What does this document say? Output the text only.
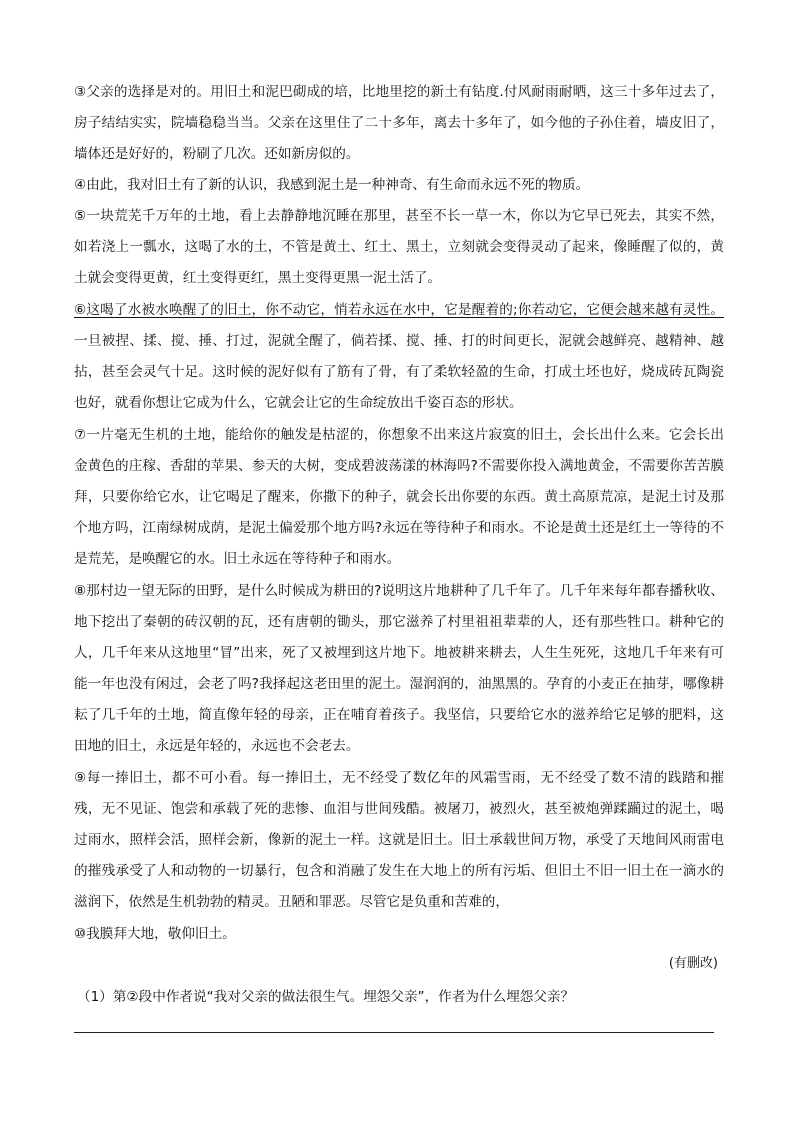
③父亲的选择是对的。用旧土和泥巴砌成的培，比地里挖的新土有钻度.付风耐雨耐晒，这三十多年过去了，房子结结实实，院墙稳稳当当。父亲在这里住了二十多年，离去十多年了，如今他的子孙住着，墙皮旧了，墙体还是好好的，粉刷了几次。还如新房似的。

④由此，我对旧土有了新的认识，我感到泥土是一种神奇、有生命而永远不死的物质。

⑤一块荒芜千万年的土地，看上去静静地沉睡在那里，甚至不长一草一木，你以为它早已死去，其实不然，如若浇上一瓢水，这喝了水的土，不管是黄土、红土、黑土，立刻就会变得灵动了起来，像睡醒了似的，黄土就会变得更黄，红土变得更红，黑土变得更黑一泥土活了。

⑥这喝了水被水唤醒了的旧土，你不动它，悄若永远在水中，它是醒着的;你若动它，它便会越来越有灵性。一旦被捏、揉、搅、捶、打过，泥就全醒了，倘若揉、搅、捶、打的时间更长，泥就会越鲜亮、越精神、越拈，甚至会灵气十足。这时候的泥好似有了筋有了骨，有了柔软轻盈的生命，打成土坯也好，烧成砖瓦陶瓷也好，就看你想让它成为什么，它就会让它的生命绽放出千姿百态的形状。

⑦一片毫无生机的土地，能给你的触发是枯涩的，你想象不出来这片寂寞的旧土，会长出什么来。它会长出金黄色的庄稼、香甜的苹果、参天的大树，变成碧波荡漾的林海吗?不需要你投入满地黄金，不需要你苦苦膜拜，只要你给它水，让它喝足了醒来，你撒下的种子，就会长出你要的东西。黄土高原荒凉，是泥土讨及那个地方吗，江南绿树成荫，是泥土偏爱那个地方吗?永远在等待种子和雨水。不论是黄土还是红土一等待的不是荒芜，是唤醒它的水。旧土永远在等待种子和雨水。

⑧那村边一望无际的田野，是什么时候成为耕田的?说明这片地耕种了几千年了。几千年来每年都春播秋收、地下挖出了秦朝的砖汉朝的瓦，还有唐朝的锄头，那它滋养了村里祖祖辈辈的人，还有那些牲口。耕种它的人，几千年来从这地里“冒”出来，死了又被埋到这片地下。地被耕来耕去，人生生死死，这地几千年来有可能一年也没有闲过，会老了吗?我择起这老田里的泥土。湿润润的，油黑黑的。孕育的小麦正在抽芽，哪像耕耘了几千年的土地，简直像年轻的母亲，正在哺育着孩子。我坚信，只要给它水的滋养给它足够的肥料，这田地的旧土，永远是年轻的，永远也不会老去。

⑨每一捧旧土，都不可小看。每一捧旧土，无不经受了数亿年的风霜雪雨，无不经受了数不清的践踏和摧残，无不见证、饱尝和承载了死的悲惨、血泪与世间残酷。被屠刀，被烈火，甚至被炮弹蹂躏过的泥土，喝过雨水，照样会活，照样会新，像新的泥土一样。这就是旧土。旧土承载世间万物，承受了天地间风雨雷电的摧残承受了人和动物的一切暴行，包含和消融了发生在大地上的所有污垢、但旧土不旧一旧土在一滴水的滋润下，依然是生机勃勃的精灵。丑陋和罪恶。尽管它是负重和苦难的，

⑩我膜拜大地，敬仰旧土。

(有删改)
（1）第②段中作者说“我对父亲的做法很生气。埋怨父亲”，作者为什么埋怨父亲？
